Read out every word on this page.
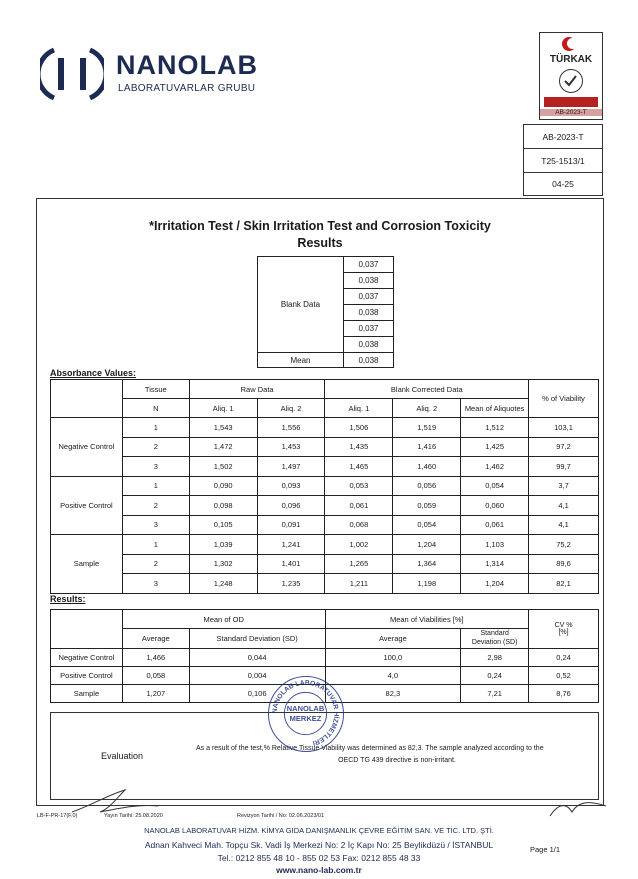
NANOLAB
LABORATUVARLAR GRUBU
TÜRKAK
AB-2023-T
AB-2023-T
T25-1513/1
04-25
*Irritation Test / Skin Irritation Test and Corrosion Toxicity
Results
Blank Data	0,037
	0,038
	0,037
	0,038
	0,037
	0,038
Mean	0,038
Absorbance Values:
	Tissue	Raw Data		Blank Corrected Data			% of Viability
	N	Aliq. 1	Aliq. 2	Aliq. 1	Aliq. 2	Mean of Aliquotes	
Negative Control	1	1,543	1,556	1,506	1,519	1,512	103,1
	2	1,472	1,453	1,435	1,416	1,425	97,2
	3	1,502	1,497	1,465	1,460	1,462	99,7
Positive Control	1	0,090	0,093	0,053	0,056	0,054	3,7
	2	0,098	0,096	0,061	0,059	0,060	4,1
	3	0,105	0,091	0,068	0,054	0,061	4,1
Sample	1	1,039	1,241	1,002	1,204	1,103	75,2
	2	1,302	1,401	1,265	1,364	1,314	89,6
	3	1,248	1,235	1,211	1,198	1,204	82,1
Results:
	Mean of OD		Mean of Viabilities [%]		CV %
[%]
	Average	Standard Deviation (SD)	Average	Standard
Deviation (SD)	
Negative Control	1,466	0,044	100,0	2,98	0,24
Positive Control	0,058	0,004	4,0	0,24	0,52
Sample	1,207	0,106	82,3	7,21	8,76
Evaluation
As a result of the test,% Relative Tissue Viability was determined as 82,3. The sample analyzed according to the
OECD TG 439 directive is non-irritant.
NANOLAB LABORATUVAR HİZMETLERİ
NANOLAB
MERKEZ
LB-F-PR-17(F.0)	Yayın Tarihi: 25.08.2020	Revizyon Tarihi / No: 02.06.2023/01
NANOLAB LABORATUVAR HİZM. KİMYA GIDA DANIŞMANLIK ÇEVRE EĞİTİM SAN. VE TİC. LTD. ŞTİ.
Adnan Kahveci Mah. Topçu Sk. Vadi İş Merkezi No: 2 İç Kapı No: 25 Beylikdüzü / İSTANBUL
Tel.: 0212 855 48 10 - 855 02 53 Fax: 0212 855 48 33
www.nano-lab.com.tr
Page 1/1
